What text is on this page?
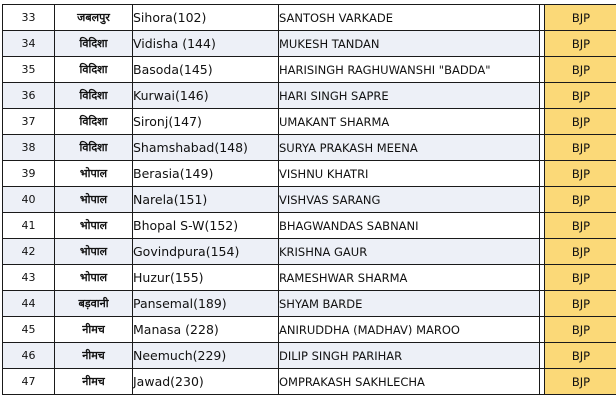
33	जबलपुर	Sihora(102)	SANTOSH VARKADE		BJP
34	विदिशा	Vidisha (144)	MUKESH TANDAN		BJP
35	विदिशा	Basoda(145)	HARISINGH RAGHUWANSHI "BADDA"		BJP
36	विदिशा	Kurwai(146)	HARI SINGH SAPRE		BJP
37	विदिशा	Sironj(147)	UMAKANT SHARMA		BJP
38	विदिशा	Shamshabad(148)	SURYA PRAKASH MEENA		BJP
39	भोपाल	Berasia(149)	VISHNU KHATRI		BJP
40	भोपाल	Narela(151)	VISHVAS SARANG		BJP
41	भोपाल	Bhopal S-W(152)	BHAGWANDAS SABNANI		BJP
42	भोपाल	Govindpura(154)	KRISHNA GAUR		BJP
43	भोपाल	Huzur(155)	RAMESHWAR SHARMA		BJP
44	बड़वानी	Pansemal(189)	SHYAM BARDE		BJP
45	नीमच	Manasa (228)	ANIRUDDHA (MADHAV) MAROO		BJP
46	नीमच	Neemuch(229)	DILIP SINGH PARIHAR		BJP
47	नीमच	Jawad(230)	OMPRAKASH SAKHLECHA		BJP
